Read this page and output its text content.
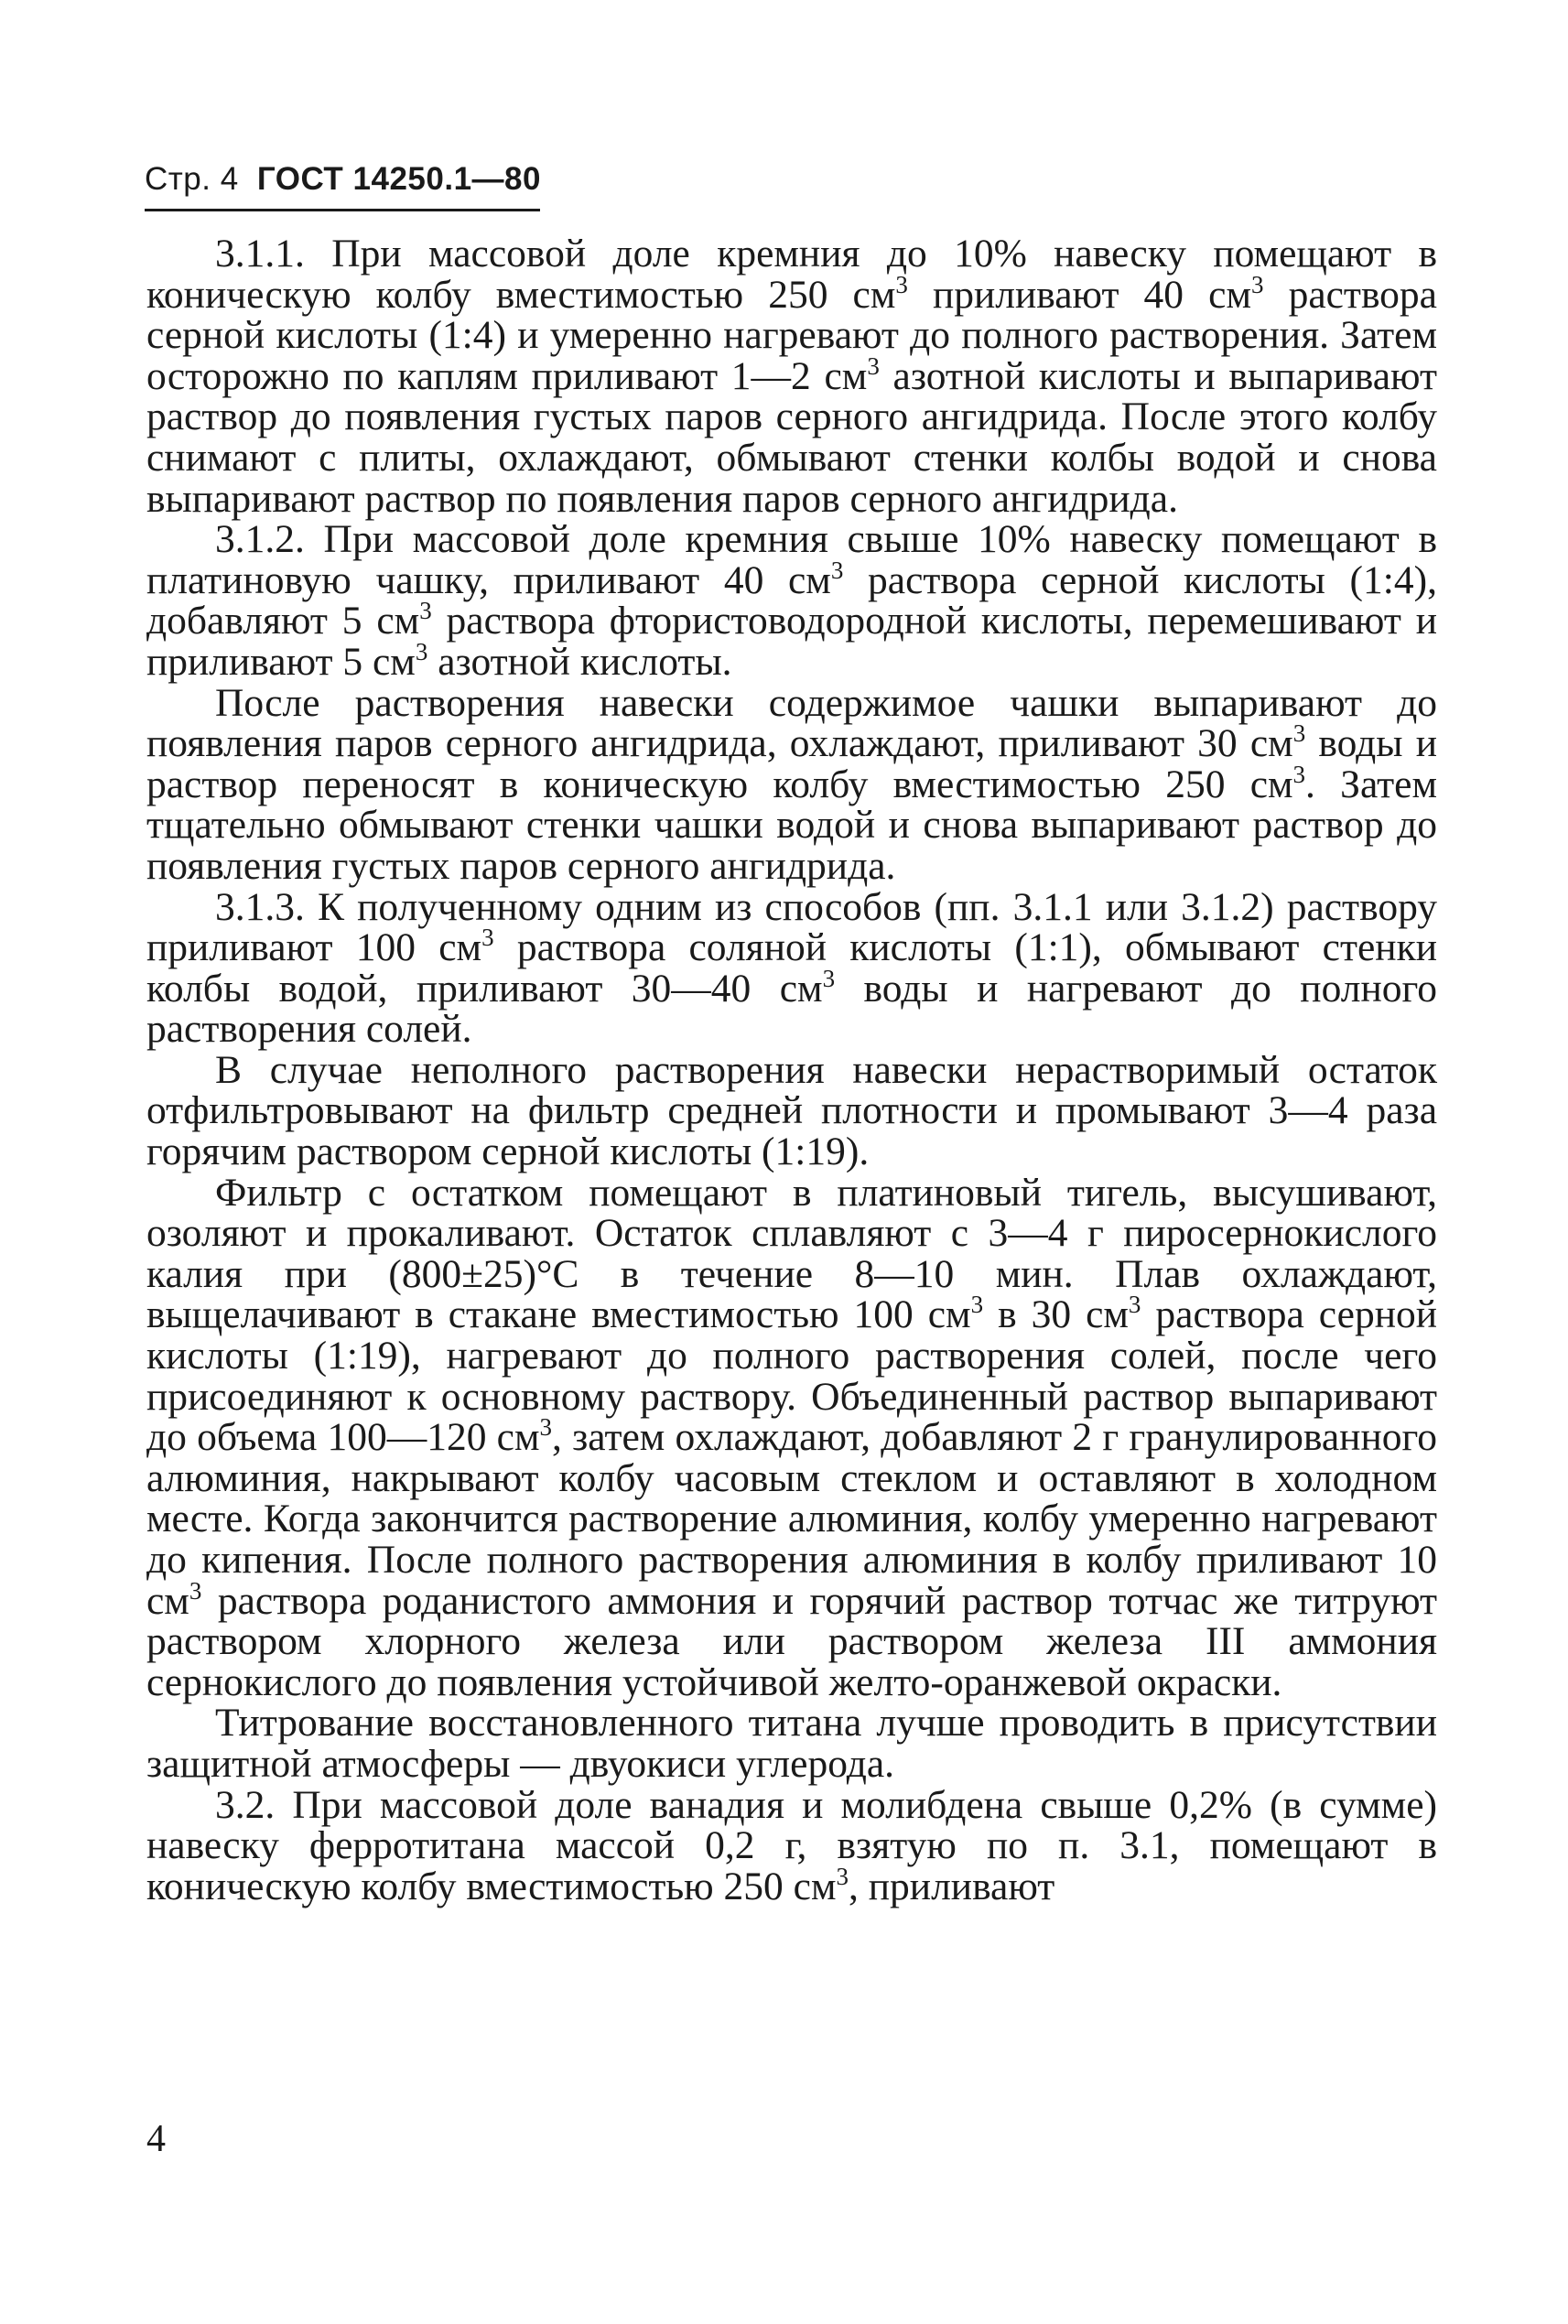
Стр. 4 ГОСТ 14250.1—80

3.1.1. При массовой доле кремния до 10% навеску помещают в коническую колбу вместимостью 250 $см^3$ приливают 40 $см^3$ раствора серной кислоты (1:4) и умеренно нагревают до полного растворения. Затем осторожно по каплям приливают 1—2 $см^3$ азотной кислоты и выпаривают раствор до появления густых паров серного ангидрида. После этого колбу снимают с плиты, охлаждают, обмывают стенки колбы водой и снова выпаривают раствор по появления паров серного ангидрида.

3.1.2. При массовой доле кремния свыше 10% навеску помещают в платиновую чашку, приливают 40 $см^3$ раствора серной кислоты (1:4), добавляют 5 $см^3$ раствора фтористоводородной кислоты, перемешивают и приливают 5 $см^3$ азотной кислоты.

После растворения навески содержимое чашки выпаривают до появления паров серного ангидрида, охлаждают, приливают 30 $см^3$ воды и раствор переносят в коническую колбу вместимостью 250 $см^3$. Затем тщательно обмывают стенки чашки водой и снова выпаривают раствор до появления густых паров серного ангидрида.

3.1.3. К полученному одним из способов (пп. 3.1.1 или 3.1.2) раствору приливают 100 $см^3$ раствора соляной кислоты (1:1), обмывают стенки колбы водой, приливают 30—40 $см^3$ воды и нагревают до полного растворения солей.

В случае неполного растворения навески нерастворимый остаток отфильтровывают на фильтр средней плотности и промывают 3—4 раза горячим раствором серной кислоты (1:19).

Фильтр с остатком помещают в платиновый тигель, высушивают, озоляют и прокаливают. Остаток сплавляют с 3—4 г пиросернокислого калия при (800±25)°С в течение 8—10 мин. Плав охлаждают, выщелачивают в стакане вместимостью 100 $см^3$ в 30 $см^3$ раствора серной кислоты (1:19), нагревают до полного растворения солей, после чего присоединяют к основному раствору. Объединенный раствор выпаривают до объема 100—120 $см^3$, затем охлаждают, добавляют 2 г гранулированного алюминия, накрывают колбу часовым стеклом и оставляют в холодном месте. Когда закончится растворение алюминия, колбу умеренно нагревают до кипения. После полного растворения алюминия в колбу приливают 10 $см^3$ раствора роданистого аммония и горячий раствор тотчас же титруют раствором хлорного железа или раствором железа III аммония сернокислого до появления устойчивой желто-оранжевой окраски.

Титрование восстановленного титана лучше проводить в присутствии защитной атмосферы — двуокиси углерода.

3.2. При массовой доле ванадия и молибдена свыше 0,2% (в сумме) навеску ферротитана массой 0,2 г, взятую по п. 3.1, помещают в коническую колбу вместимостью 250 $см^3$, приливают

4
